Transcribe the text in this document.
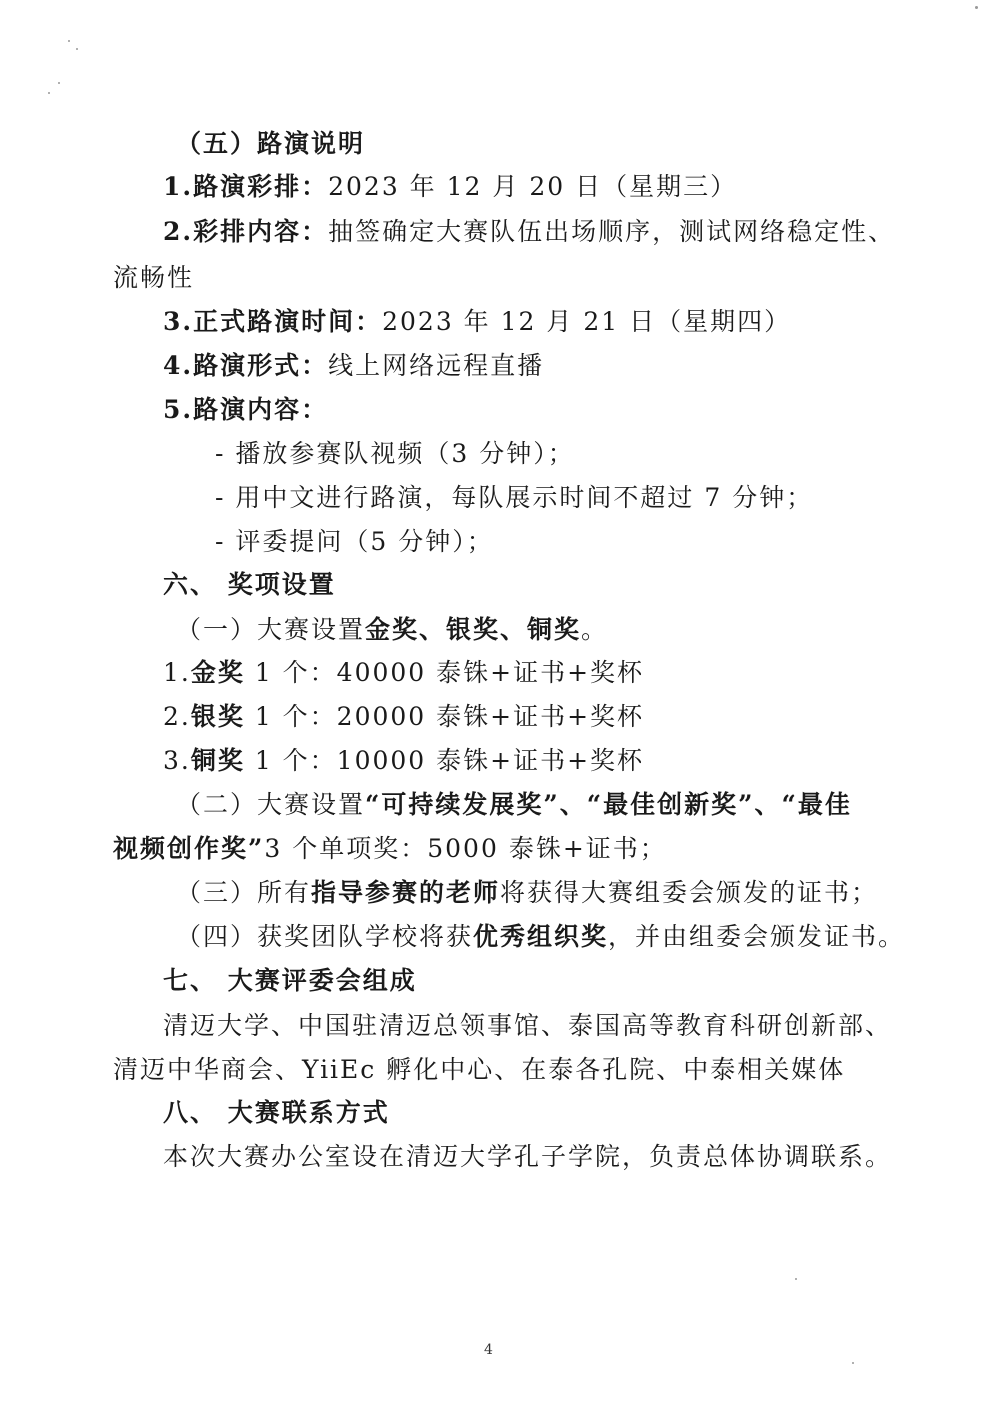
（五）路演说明
1.路演彩排：2023 年 12 月 20 日（星期三）
2.彩排内容：抽签确定大赛队伍出场顺序，测试网络稳定性、
流畅性
3.正式路演时间：2023 年 12 月 21 日（星期四）
4.路演形式：线上网络远程直播
5.路演内容：
- 播放参赛队视频（3 分钟）；
- 用中文进行路演，每队展示时间不超过 7 分钟；
- 评委提问（5 分钟）；
六、 奖项设置
（一）大赛设置金奖、银奖、铜奖。
1.金奖 1 个：40000 泰铢+证书+奖杯
2.银奖 1 个：20000 泰铢+证书+奖杯
3.铜奖 1 个：10000 泰铢+证书+奖杯
（二）大赛设置“可持续发展奖”、“最佳创新奖”、“最佳
视频创作奖”3 个单项奖：5000 泰铢+证书；
（三）所有指导参赛的老师将获得大赛组委会颁发的证书；
（四）获奖团队学校将获优秀组织奖，并由组委会颁发证书。
七、 大赛评委会组成
清迈大学、中国驻清迈总领事馆、泰国高等教育科研创新部、
清迈中华商会、YiiEc 孵化中心、在泰各孔院、中泰相关媒体
八、 大赛联系方式
本次大赛办公室设在清迈大学孔子学院，负责总体协调联系。
4
